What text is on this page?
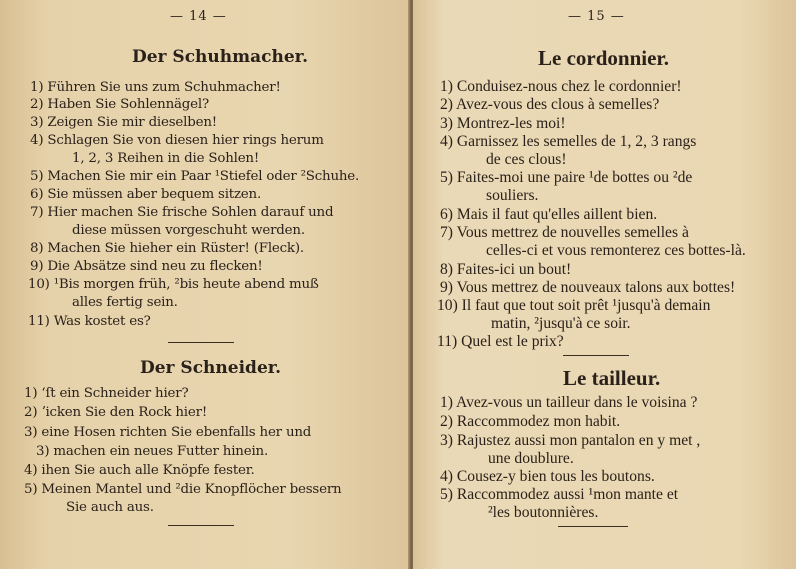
— 14 —
Der Schuhmacher.
1) Führen Sie uns zum Schuhmacher!
2) Haben Sie Sohlennägel?
3) Zeigen Sie mir dieselben!
4) Schlagen Sie von diesen hier rings herum
1, 2, 3 Reihen in die Sohlen!
5) Machen Sie mir ein Paar ¹Stiefel oder ²Schuhe.
6) Sie müssen aber bequem sitzen.
7) Hier machen Sie frische Sohlen darauf und
diese müssen vorgeschuht werden.
8) Machen Sie hieher ein Rüster! (Fleck).
9) Die Absätze sind neu zu flecken!
10) ¹Bis morgen früh, ²bis heute abend muß
alles fertig sein.
11) Was kostet es?
Der Schneider.
1) ‘ſt ein Schneider hier?
2) ʼicken Sie den Rock hier!
3) eine Hosen richten Sie ebenfalls her und
3) machen ein neues Futter hinein.
4) ihen Sie auch alle Knöpfe fester.
5) Meinen Mantel und ²die Knopflöcher bessern
Sie auch aus.
— 15 —
Le cordonnier.
1) Conduisez-nous chez le cordonnier!
2) Avez-vous des clous à semelles?
3) Montrez-les moi!
4) Garnissez les semelles de 1, 2, 3 rangs
de ces clous!
5) Faites-moi une paire ¹de bottes ou ²de
souliers.
6) Mais il faut qu'elles aillent bien.
7) Vous mettrez de nouvelles semelles à
celles-ci et vous remonterez ces bottes-là.
8) Faites-ici un bout!
9) Vous mettrez de nouveaux talons aux bottes!
10) Il faut que tout soit prêt ¹jusqu'à demain
matin, ²jusqu'à ce soir.
11) Quel est le prix?
Le tailleur.
1) Avez-vous un tailleur dans le voisina ?
2) Raccommodez mon habit.
3) Rajustez aussi mon pantalon en y met ,
une doublure.
4) Cousez-y bien tous les boutons.
5) Raccommodez aussi ¹mon mante et
²les boutonnières.
